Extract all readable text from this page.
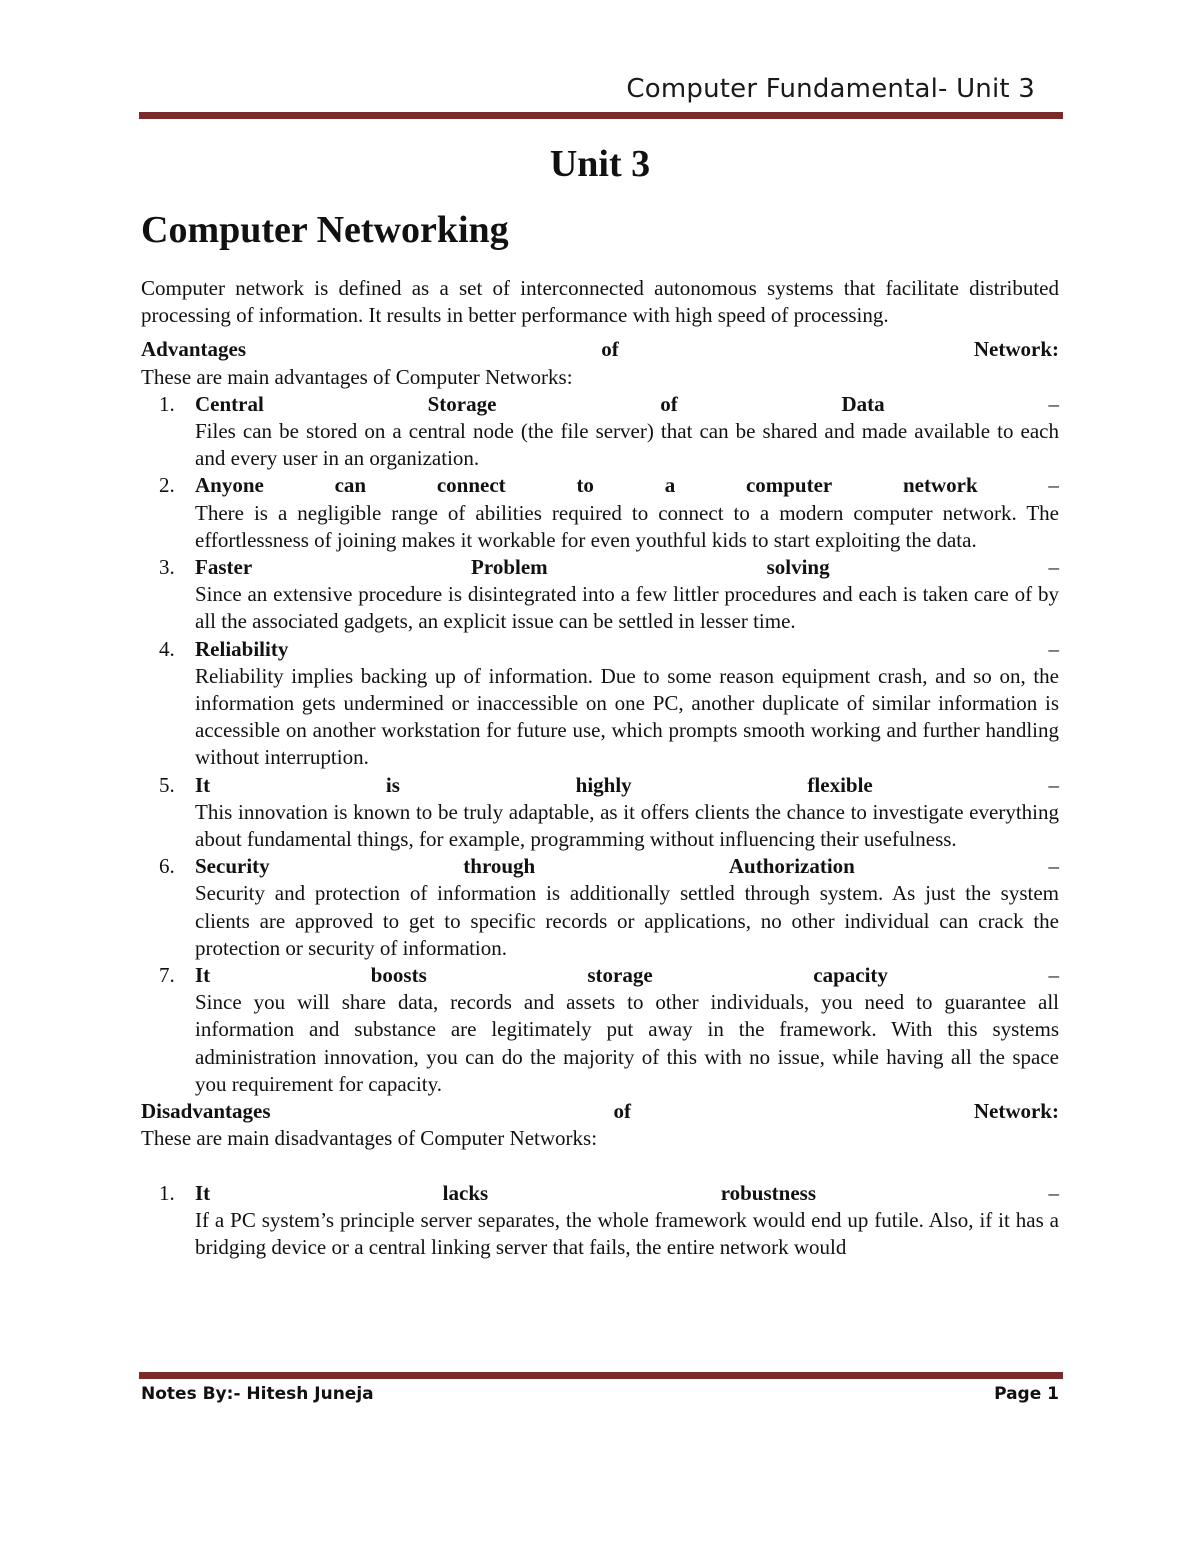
Computer Fundamental- Unit 3
Unit 3
Computer Networking

Computer network is defined as a set of interconnected autonomous systems that facilitate distributed processing of information. It results in better performance with high speed of processing.

Advantages	of	Network:

These are main advantages of Computer Networks:

1. Central	Storage	of	Data	–
Files can be stored on a central node (the file server) that can be shared and made available to each and every user in an organization.
2. Anyone	can	connect	to	a	computer	network	–
There is a negligible range of abilities required to connect to a modern computer network. The effortlessness of joining makes it workable for even youthful kids to start exploiting the data.
3. Faster	Problem	solving	–
Since an extensive procedure is disintegrated into a few littler procedures and each is taken care of by all the associated gadgets, an explicit issue can be settled in lesser time.
4. Reliability	–
Reliability implies backing up of information. Due to some reason equipment crash, and so on, the information gets undermined or inaccessible on one PC, another duplicate of similar information is accessible on another workstation for future use, which prompts smooth working and further handling without interruption.
5. It	is	highly	flexible	–
This innovation is known to be truly adaptable, as it offers clients the chance to investigate everything about fundamental things, for example, programming without influencing their usefulness.
6. Security	through	Authorization	–
Security and protection of information is additionally settled through system. As just the system clients are approved to get to specific records or applications, no other individual can crack the protection or security of information.
7. It	boosts	storage	capacity	–
Since you will share data, records and assets to other individuals, you need to guarantee all information and substance are legitimately put away in the framework. With this systems administration innovation, you can do the majority of this with no issue, while having all the space you requirement for capacity.
Disadvantages	of	Network:

These are main disadvantages of Computer Networks:

1. It	lacks	robustness	–
If a PC system’s principle server separates, the whole framework would end up futile. Also, if it has a bridging device or a central linking server that fails, the entire network would
Notes By:- Hitesh Juneja	Page 1
